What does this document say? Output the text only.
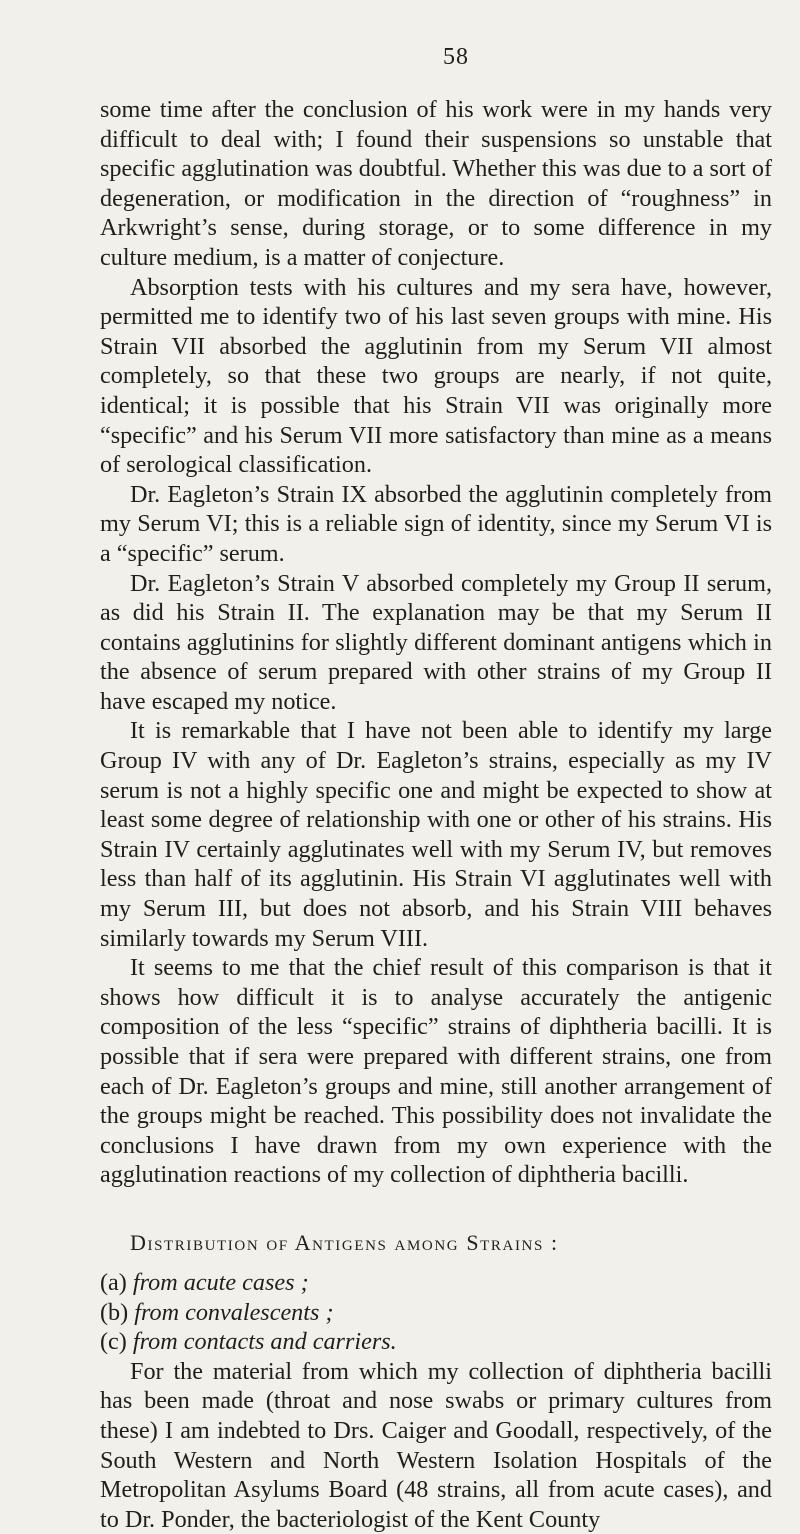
58

some time after the conclusion of his work were in my hands very difficult to deal with; I found their suspensions so unstable that specific agglutination was doubtful. Whether this was due to a sort of degeneration, or modification in the direction of “roughness” in Arkwright’s sense, during storage, or to some difference in my culture medium, is a matter of conjecture.

Absorption tests with his cultures and my sera have, however, permitted me to identify two of his last seven groups with mine. His Strain VII absorbed the agglutinin from my Serum VII almost completely, so that these two groups are nearly, if not quite, identical; it is possible that his Strain VII was originally more “specific” and his Serum VII more satisfactory than mine as a means of serological classification.

Dr. Eagleton’s Strain IX absorbed the agglutinin completely from my Serum VI; this is a reliable sign of identity, since my Serum VI is a “specific” serum.

Dr. Eagleton’s Strain V absorbed completely my Group II serum, as did his Strain II. The explanation may be that my Serum II contains agglutinins for slightly different dominant antigens which in the absence of serum prepared with other strains of my Group II have escaped my notice.

It is remarkable that I have not been able to identify my large Group IV with any of Dr. Eagleton’s strains, especially as my IV serum is not a highly specific one and might be expected to show at least some degree of relationship with one or other of his strains. His Strain IV certainly agglutinates well with my Serum IV, but removes less than half of its agglutinin. His Strain VI agglutinates well with my Serum III, but does not absorb, and his Strain VIII behaves similarly towards my Serum VIII.

It seems to me that the chief result of this comparison is that it shows how difficult it is to analyse accurately the antigenic composition of the less “specific” strains of diphtheria bacilli. It is possible that if sera were prepared with different strains, one from each of Dr. Eagleton’s groups and mine, still another arrangement of the groups might be reached. This possibility does not invalidate the conclusions I have drawn from my own experience with the agglutination reactions of my collection of diphtheria bacilli.

Distribution of Antigens among Strains :
(a) from acute cases ;
(b) from convalescents ;
(c) from contacts and carriers.

For the material from which my collection of diphtheria bacilli has been made (throat and nose swabs or primary cultures from these) I am indebted to Drs. Caiger and Goodall, respectively, of the South Western and North Western Isolation Hospitals of the Metropolitan Asylums Board (48 strains, all from acute cases), and to Dr. Ponder, the bacteriologist of the Kent County
